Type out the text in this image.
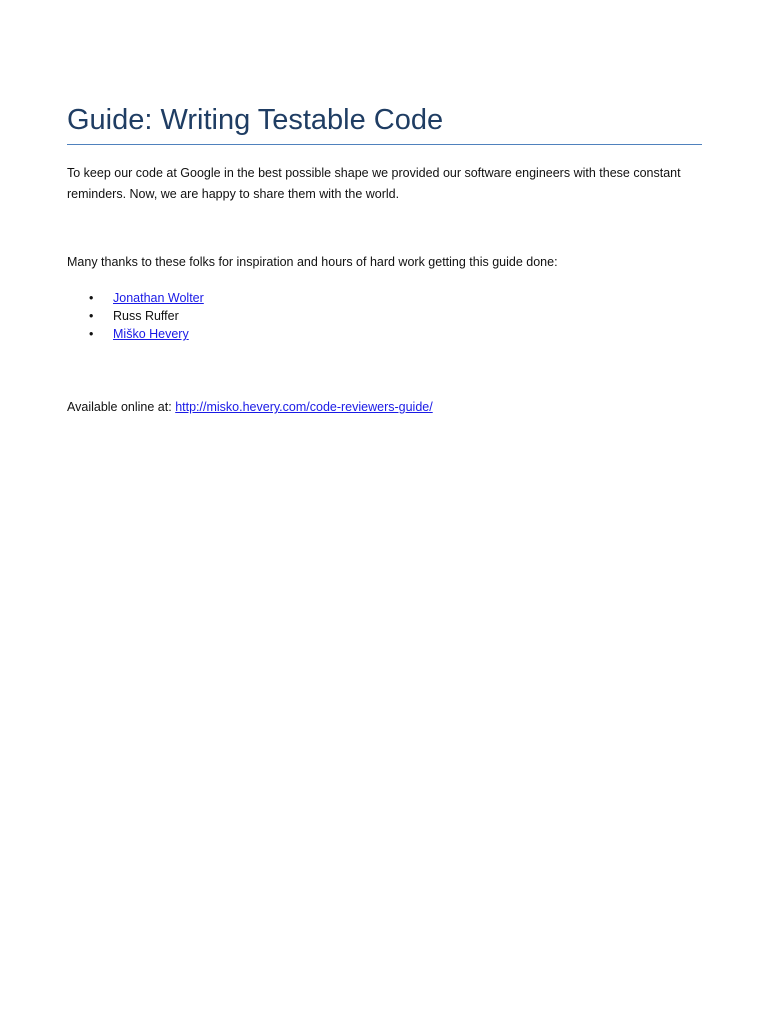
Guide: Writing Testable Code

To keep our code at Google in the best possible shape we provided our software engineers with these constant reminders. Now, we are happy to share them with the world.

Many thanks to these folks for inspiration and hours of hard work getting this guide done:

• Jonathan Wolter
• Russ Ruffer
• Miško Hevery

Available online at: http://misko.hevery.com/code-reviewers-guide/
